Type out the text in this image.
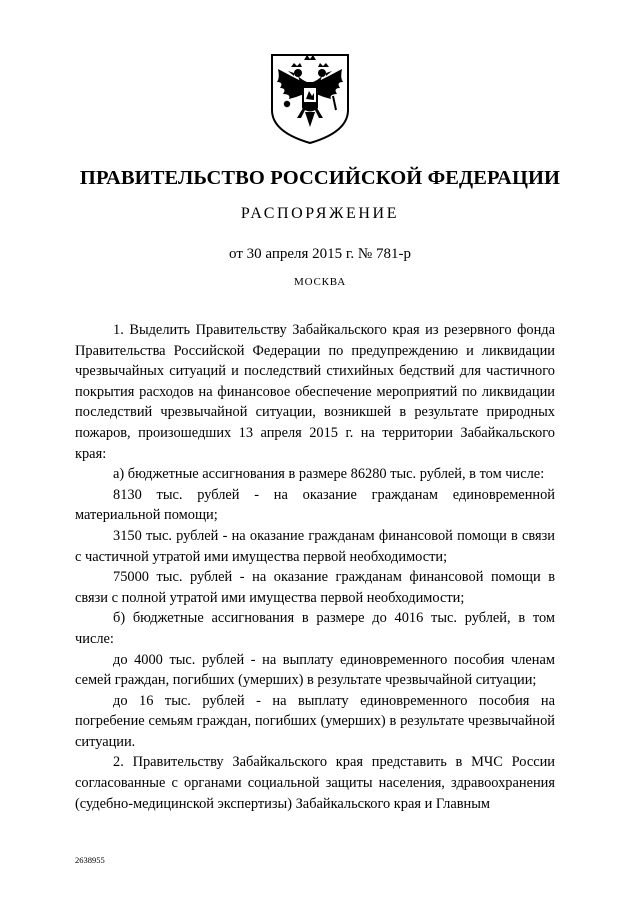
ПРАВИТЕЛЬСТВО РОССИЙСКОЙ ФЕДЕРАЦИИ
РАСПОРЯЖЕНИЕ
от 30 апреля 2015 г. № 781-р
МОСКВА

1. Выделить Правительству Забайкальского края из резервного фонда Правительства Российской Федерации по предупреждению и ликвидации чрезвычайных ситуаций и последствий стихийных бедствий для частичного покрытия расходов на финансовое обеспечение мероприятий по ликвидации последствий чрезвычайной ситуации, возникшей в результате природных пожаров, произошедших 13 апреля 2015 г. на территории Забайкальского края:

а) бюджетные ассигнования в размере 86280 тыс. рублей, в том числе:

8130 тыс. рублей - на оказание гражданам единовременной материальной помощи;

3150 тыс. рублей - на оказание гражданам финансовой помощи в связи с частичной утратой ими имущества первой необходимости;

75000 тыс. рублей - на оказание гражданам финансовой помощи в связи с полной утратой ими имущества первой необходимости;

б) бюджетные ассигнования в размере до 4016 тыс. рублей, в том числе:

до 4000 тыс. рублей - на выплату единовременного пособия членам семей граждан, погибших (умерших) в результате чрезвычайной ситуации;

до 16 тыс. рублей - на выплату единовременного пособия на погребение семьям граждан, погибших (умерших) в результате чрезвычайной ситуации.

2. Правительству Забайкальского края представить в МЧС России согласованные с органами социальной защиты населения, здравоохранения (судебно-медицинской экспертизы) Забайкальского края и Главным

2638955
